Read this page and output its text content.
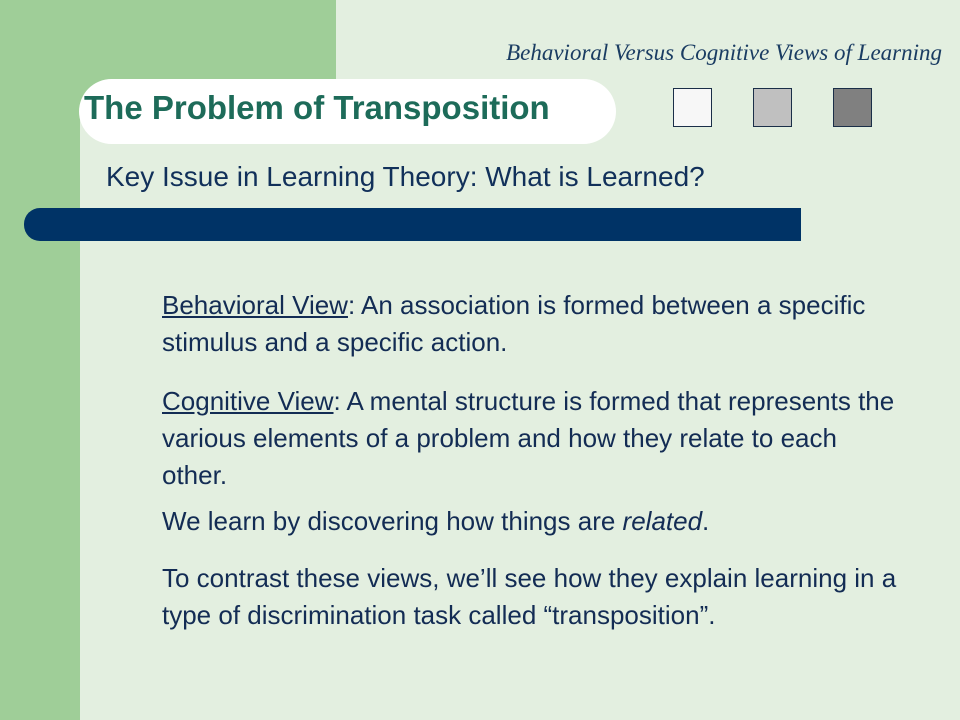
Behavioral Versus Cognitive Views of Learning
The Problem of Transposition
Key Issue in Learning Theory: What is Learned?
Behavioral View: An association is formed between a specific stimulus and a specific action.
Cognitive View: A mental structure is formed that represents the various elements of a problem and how they relate to each other.
We learn by discovering how things are related.
To contrast these views, we’ll see how they explain learning in a type of discrimination task called “transposition”.
